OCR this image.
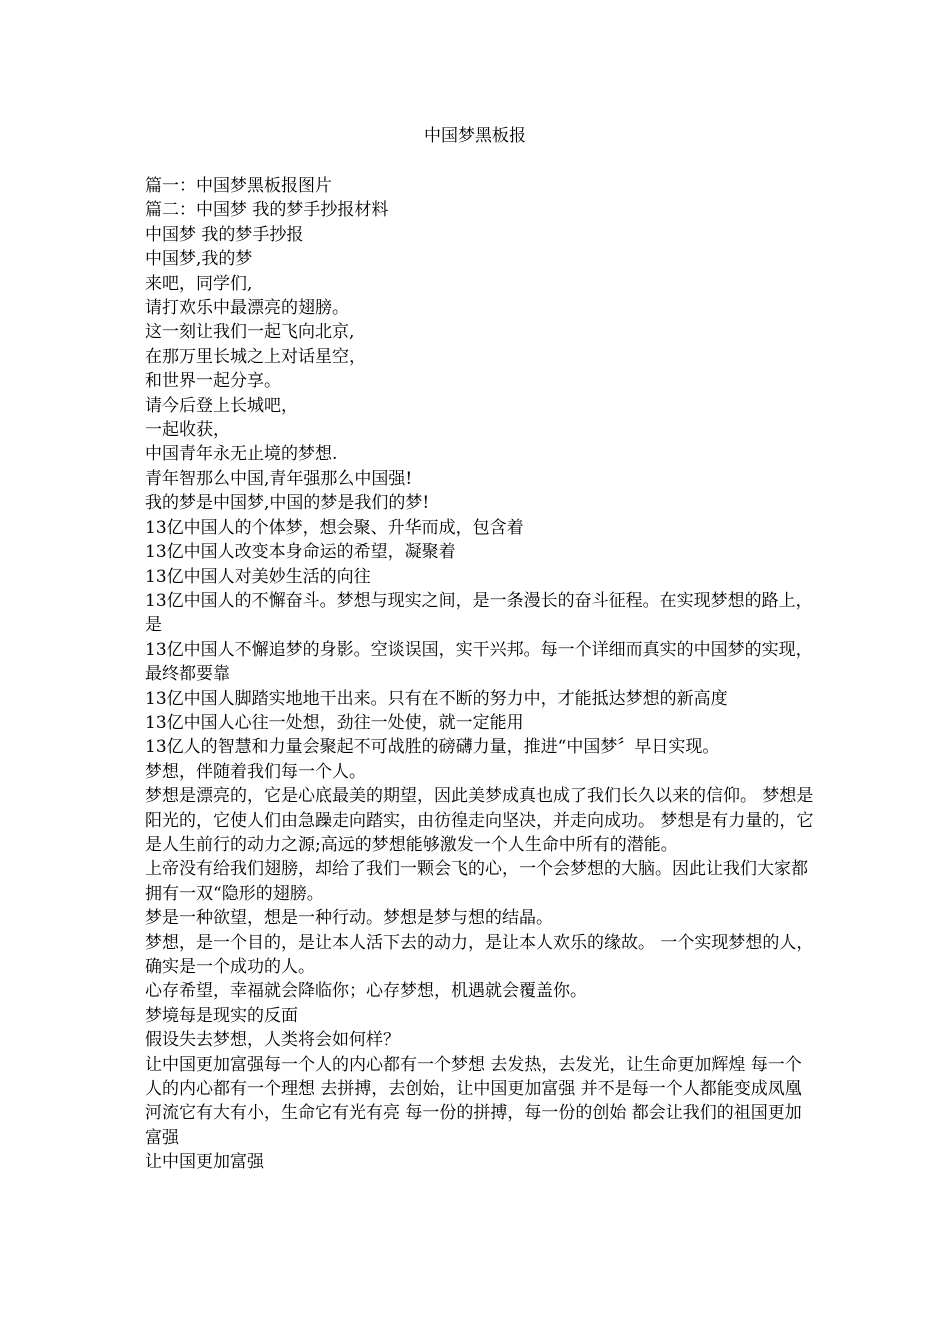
中国梦黑板报

篇一：中国梦黑板报图片

篇二：中国梦 我的梦手抄报材料

中国梦 我的梦手抄报

中国梦,我的梦

来吧，同学们,

请打欢乐中最漂亮的翅膀。

这一刻让我们一起飞向北京,

在那万里长城之上对话星空，

和世界一起分享。

请今后登上长城吧，

一起收获，

中国青年永无止境的梦想.

青年智那么中国,青年强那么中国强!

我的梦是中国梦,中国的梦是我们的梦!

13亿中国人的个体梦，想会聚、升华而成，包含着

13亿中国人改变本身命运的希望，凝聚着

13亿中国人对美妙生活的向往

13亿中国人的不懈奋斗。梦想与现实之间，是一条漫长的奋斗征程。在实现梦想的路上，是

13亿中国人不懈追梦的身影。空谈误国，实干兴邦。每一个详细而真实的中国梦的实现，最终都要靠

13亿中国人脚踏实地地干出来。只有在不断的努力中，才能抵达梦想的新高度

13亿中国人心往一处想，劲往一处使，就一定能用

13亿人的智慧和力量会聚起不可战胜的磅礴力量，推进“中国梦〞早日实现。

梦想，伴随着我们每一个人。

梦想是漂亮的，它是心底最美的期望，因此美梦成真也成了我们长久以来的信仰。 梦想是阳光的，它使人们由急躁走向踏实，由彷徨走向坚决，并走向成功。 梦想是有力量的，它是人生前行的动力之源;高远的梦想能够激发一个人生命中所有的潜能。

上帝没有给我们翅膀，却给了我们一颗会飞的心，一个会梦想的大脑。因此让我们大家都拥有一双“隐形的翅膀。

梦是一种欲望，想是一种行动。梦想是梦与想的结晶。

梦想，是一个目的，是让本人活下去的动力，是让本人欢乐的缘故。 一个实现梦想的人，确实是一个成功的人。

心存希望，幸福就会降临你；心存梦想，机遇就会覆盖你。

梦境每是现实的反面

假设失去梦想，人类将会如何样？

让中国更加富强每一个人的内心都有一个梦想 去发热，去发光，让生命更加辉煌 每一个人的内心都有一个理想 去拼搏，去创始，让中国更加富强 并不是每一个人都能变成凤凰 河流它有大有小，生命它有光有亮 每一份的拼搏，每一份的创始 都会让我们的祖国更加富强

让中国更加富强
